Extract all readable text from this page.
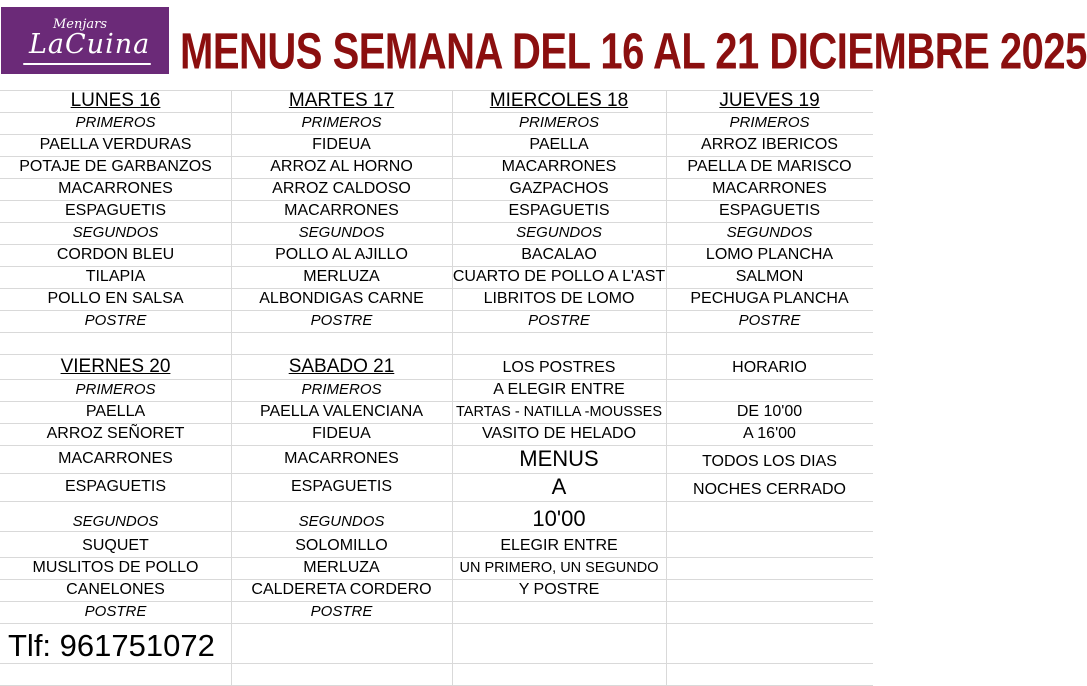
Menjars
LaCuina MENUS SEMANA DEL 16 AL 21 DICIEMBRE 2025
LUNES 16
PRIMEROS
PAELLA VERDURAS
POTAJE DE GARBANZOS
MACARRONES
ESPAGUETIS
SEGUNDOS
CORDON BLEU
TILAPIA
POLLO EN SALSA
POSTRE
MARTES 17
PRIMEROS
FIDEUA
ARROZ AL HORNO
ARROZ CALDOSO
MACARRONES
SEGUNDOS
POLLO AL AJILLO
MERLUZA
ALBONDIGAS CARNE
POSTRE
MIERCOLES 18
PRIMEROS
PAELLA
MACARRONES
GAZPACHOS
ESPAGUETIS
SEGUNDOS
BACALAO
CUARTO DE POLLO A L'AST
LIBRITOS DE LOMO
POSTRE
JUEVES 19
PRIMEROS
ARROZ IBERICOS
PAELLA DE MARISCO
MACARRONES
ESPAGUETIS
SEGUNDOS
LOMO PLANCHA
SALMON
PECHUGA PLANCHA
POSTRE
VIERNES 20
PRIMEROS
PAELLA
ARROZ SEÑORET
MACARRONES
ESPAGUETIS
SEGUNDOS
SUQUET
MUSLITOS DE POLLO
CANELONES
POSTRE
SABADO 21
PRIMEROS
PAELLA VALENCIANA
FIDEUA
MACARRONES
ESPAGUETIS
SEGUNDOS
SOLOMILLO
MERLUZA
CALDERETA CORDERO
POSTRE
LOS POSTRES
A ELEGIR ENTRE
TARTAS - NATILLA -MOUSSES
VASITO DE HELADO
MENUS
A
10'00
ELEGIR ENTRE
UN PRIMERO, UN SEGUNDO
Y POSTRE
HORARIO
DE 10'00
A 16'00
TODOS LOS DIAS
NOCHES CERRADO
Tlf: 961751072
